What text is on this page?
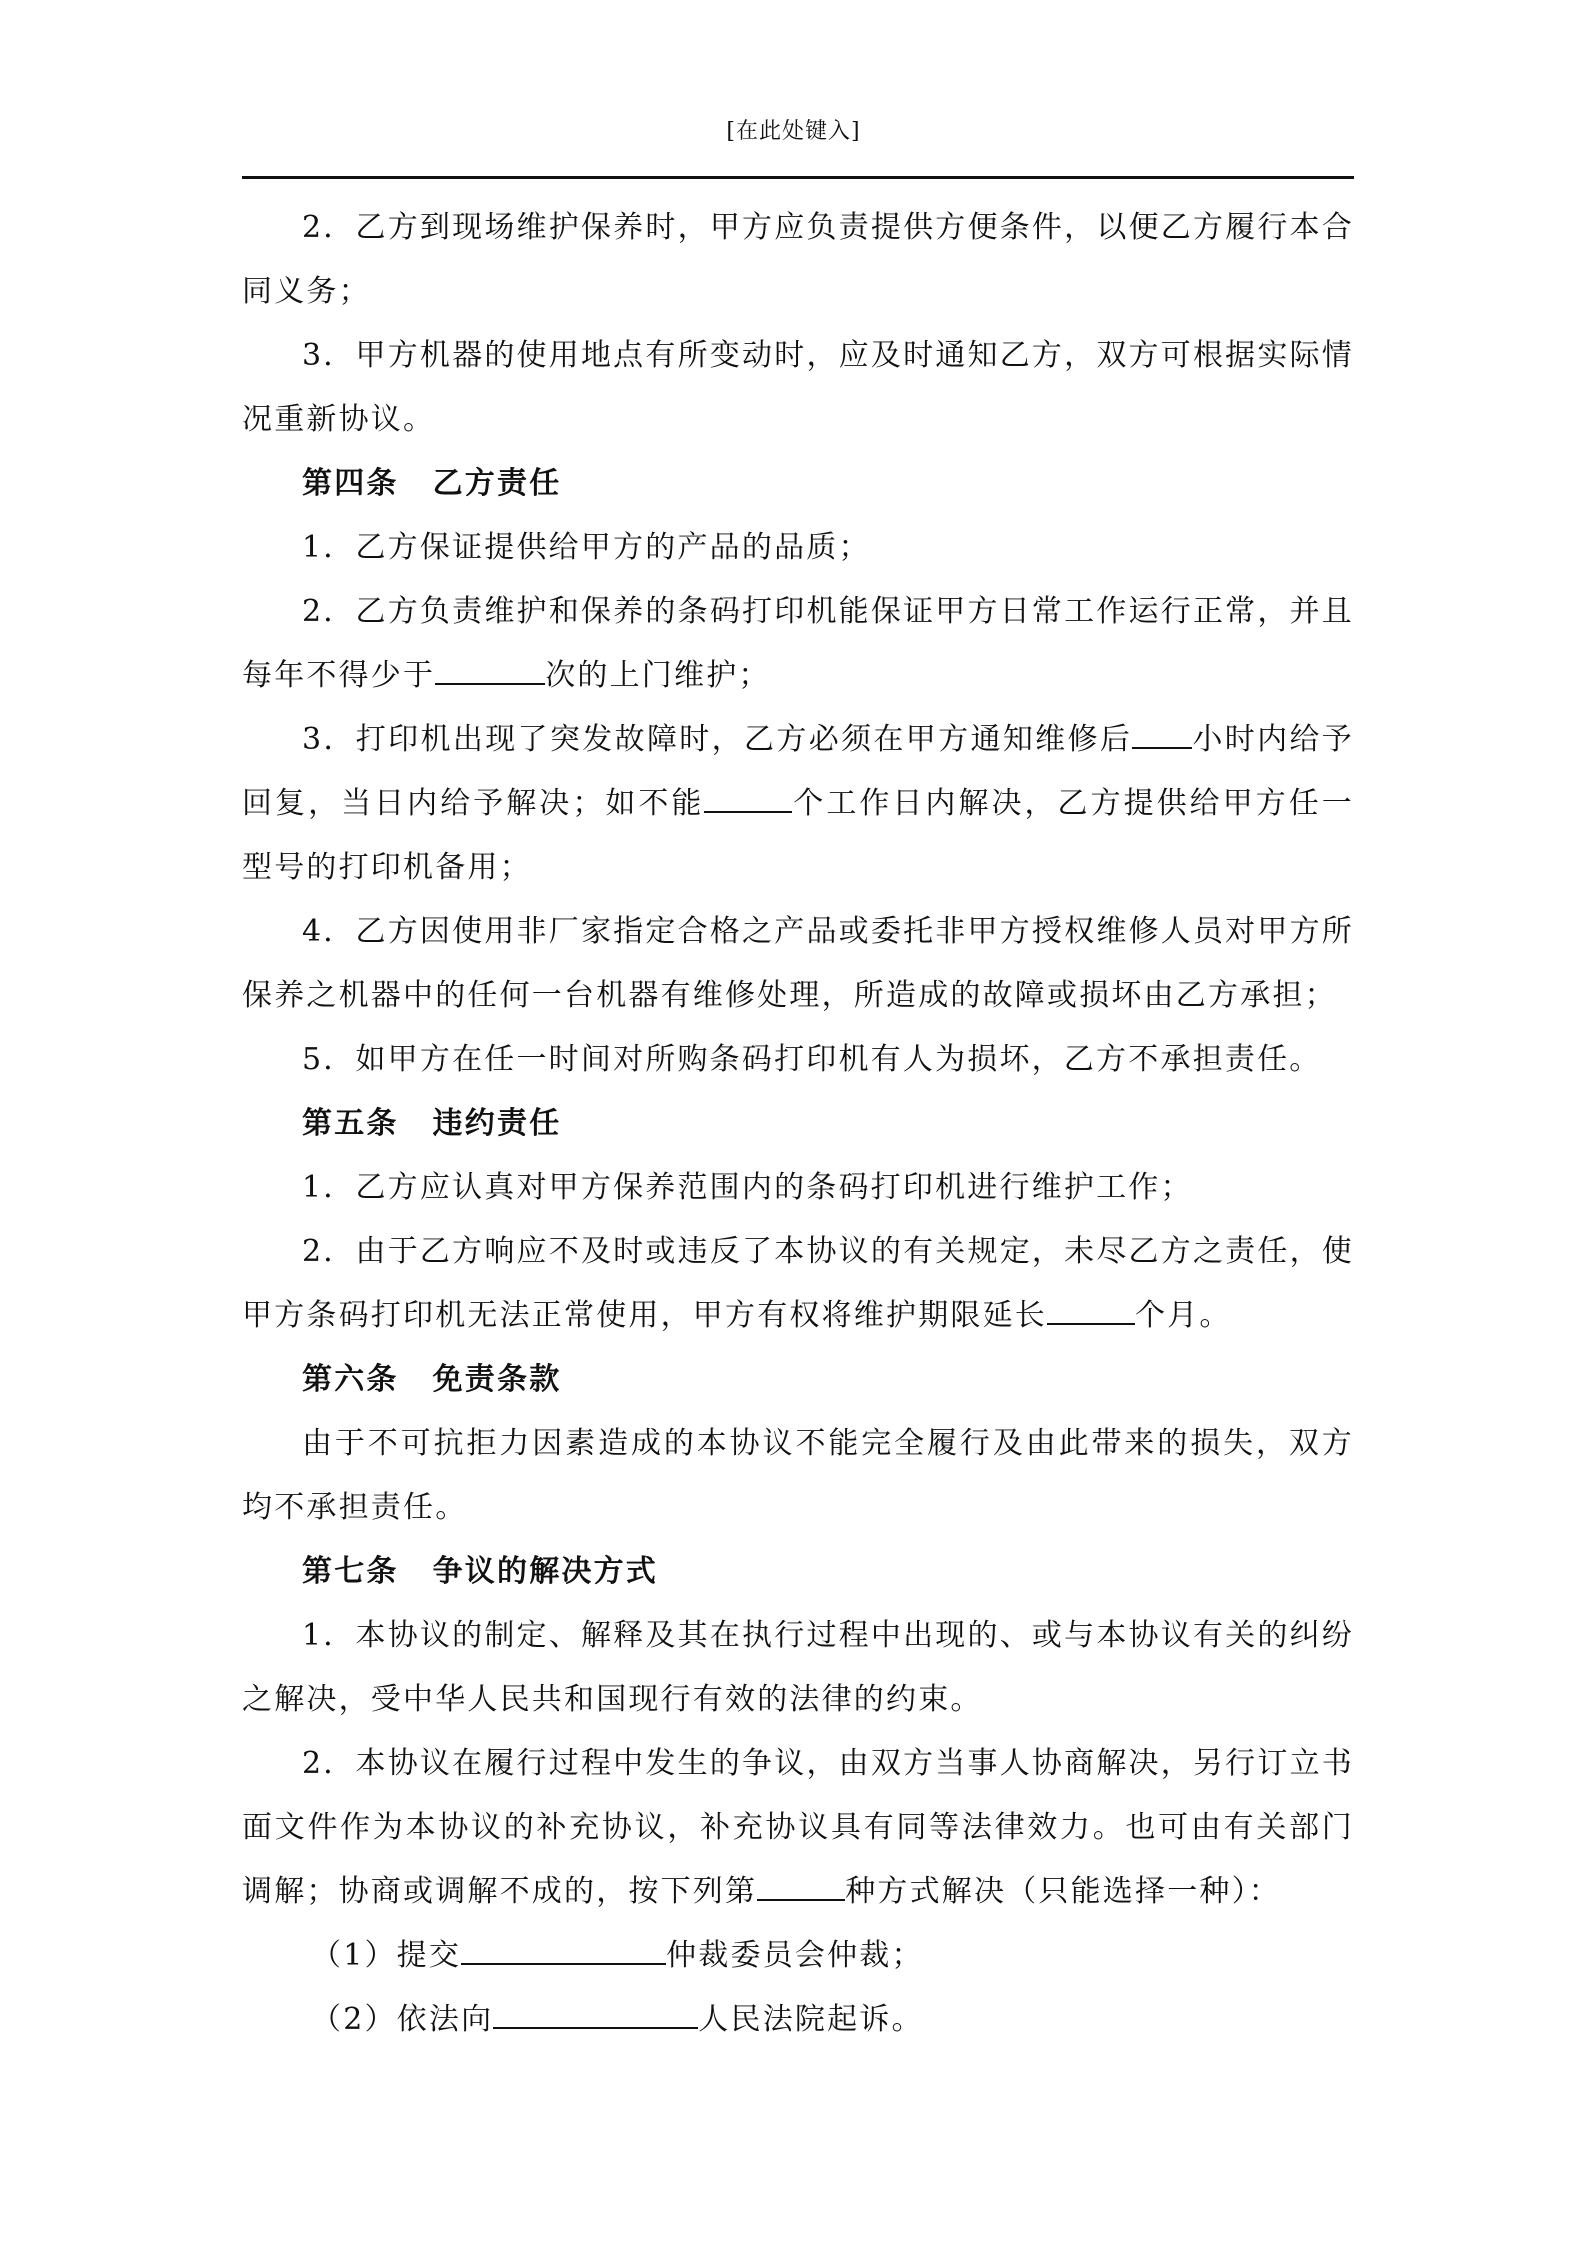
[在此处键入]

2．乙方到现场维护保养时，甲方应负责提供方便条件，以便乙方履行本合同义务；

3．甲方机器的使用地点有所变动时，应及时通知乙方，双方可根据实际情况重新协议。

第四条 乙方责任

1．乙方保证提供给甲方的产品的品质；

2．乙方负责维护和保养的条码打印机能保证甲方日常工作运行正常，并且每年不得少于	次的上门维护；

3．打印机出现了突发故障时，乙方必须在甲方通知维修后 小时内给予回复，当日内给予解决；如不能	个工作日内解决，乙方提供给甲方任一型号的打印机备用；

4．乙方因使用非厂家指定合格之产品或委托非甲方授权维修人员对甲方所保养之机器中的任何一台机器有维修处理，所造成的故障或损坏由乙方承担；

5．如甲方在任一时间对所购条码打印机有人为损坏，乙方不承担责任。

第五条 违约责任

1．乙方应认真对甲方保养范围内的条码打印机进行维护工作；

2．由于乙方响应不及时或违反了本协议的有关规定，未尽乙方之责任，使甲方条码打印机无法正常使用，甲方有权将维护期限延长	个月。

第六条 免责条款

由于不可抗拒力因素造成的本协议不能完全履行及由此带来的损失，双方均不承担责任。

第七条 争议的解决方式

1．本协议的制定、解释及其在执行过程中出现的、或与本协议有关的纠纷之解决，受中华人民共和国现行有效的法律的约束。

2．本协议在履行过程中发生的争议，由双方当事人协商解决，另行订立书面文件作为本协议的补充协议，补充协议具有同等法律效力。也可由有关部门调解；协商或调解不成的，按下列第	种方式解决（只能选择一种）：

（1）提交	仲裁委员会仲裁；

（2）依法向	人民法院起诉。
